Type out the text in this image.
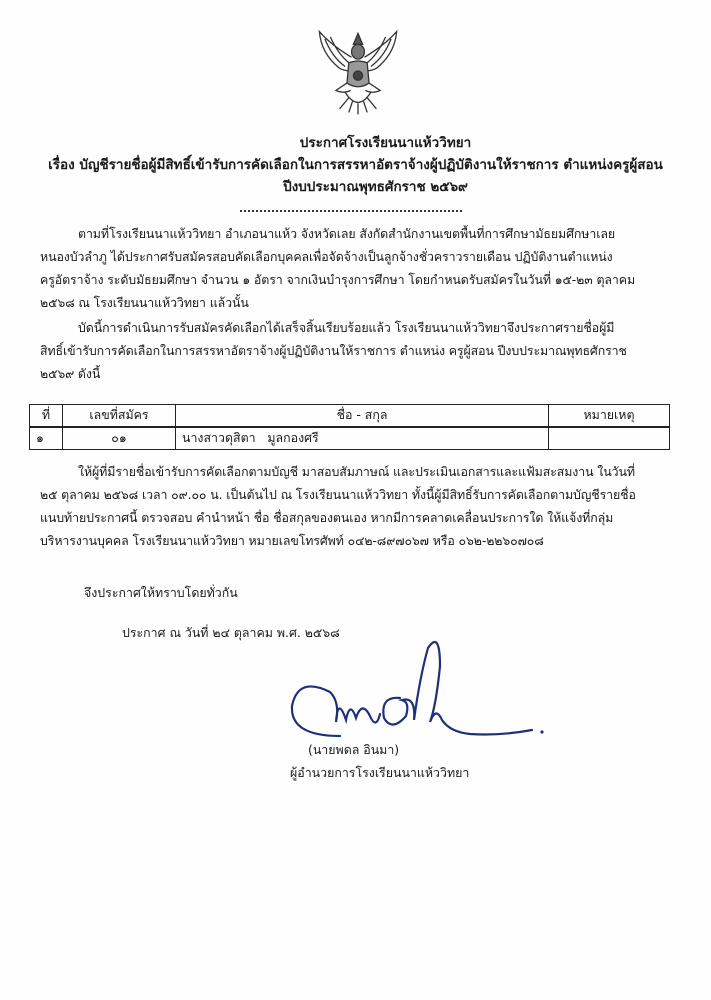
ประกาศโรงเรียนนาแห้ววิทยา
เรื่อง บัญชีรายชื่อผู้มีสิทธิ์เข้ารับการคัดเลือกในการสรรหาอัตราจ้างผู้ปฏิบัติงานให้ราชการ ตำแหน่งครูผู้สอน
ปีงบประมาณพุทธศักราช ๒๕๖๙
ตามที่โรงเรียนนาแห้ววิทยา อำเภอนาแห้ว จังหวัดเลย สังกัดสำนักงานเขตพื้นที่การศึกษามัธยมศึกษาเลย
หนองบัวลำภู ได้ประกาศรับสมัครสอบคัดเลือกบุคคลเพื่อจัดจ้างเป็นลูกจ้างชั่วคราวรายเดือน ปฏิบัติงานตำแหน่ง
ครูอัตราจ้าง ระดับมัธยมศึกษา จำนวน ๑ อัตรา จากเงินบำรุงการศึกษา โดยกำหนดรับสมัครในวันที่ ๑๕-๒๓ ตุลาคม
๒๕๖๘ ณ โรงเรียนนาแห้ววิทยา แล้วนั้น
บัดนี้การดำเนินการรับสมัครคัดเลือกได้เสร็จสิ้นเรียบร้อยแล้ว โรงเรียนนาแห้ววิทยาจึงประกาศรายชื่อผู้มี
สิทธิ์เข้ารับการคัดเลือกในการสรรหาอัตราจ้างผู้ปฏิบัติงานให้ราชการ ตำแหน่ง ครูผู้สอน ปีงบประมาณพุทธศักราช
๒๕๖๙ ดังนี้
ที่	เลขที่สมัคร	ชื่อ - สกุล	หมายเหตุ
๑	๐๑	นางสาวดุสิตา   มูลกองศรี	
ให้ผู้ที่มีรายชื่อเข้ารับการคัดเลือกตามบัญชี มาสอบสัมภาษณ์ และประเมินเอกสารและแฟ้มสะสมงาน ในวันที่
๒๕ ตุลาคม ๒๕๖๘ เวลา ๐๙.๐๐ น. เป็นต้นไป ณ โรงเรียนนาแห้ววิทยา ทั้งนี้ผู้มีสิทธิ์รับการคัดเลือกตามบัญชีรายชื่อ
แนบท้ายประกาศนี้ ตรวจสอบ คำนำหน้า ชื่อ ชื่อสกุลของตนเอง หากมีการคลาดเคลื่อนประการใด ให้แจ้งที่กลุ่ม
บริหารงานบุคคล โรงเรียนนาแห้ววิทยา หมายเลขโทรศัพท์ ๐๔๒-๘๙๗๐๖๗ หรือ ๐๖๒-๒๒๖๐๗๐๘
จึงประกาศให้ทราบโดยทั่วกัน
ประกาศ ณ วันที่ ๒๔ ตุลาคม พ.ศ. ๒๕๖๘
(นายพดล อินมา)
ผู้อำนวยการโรงเรียนนาแห้ววิทยา
